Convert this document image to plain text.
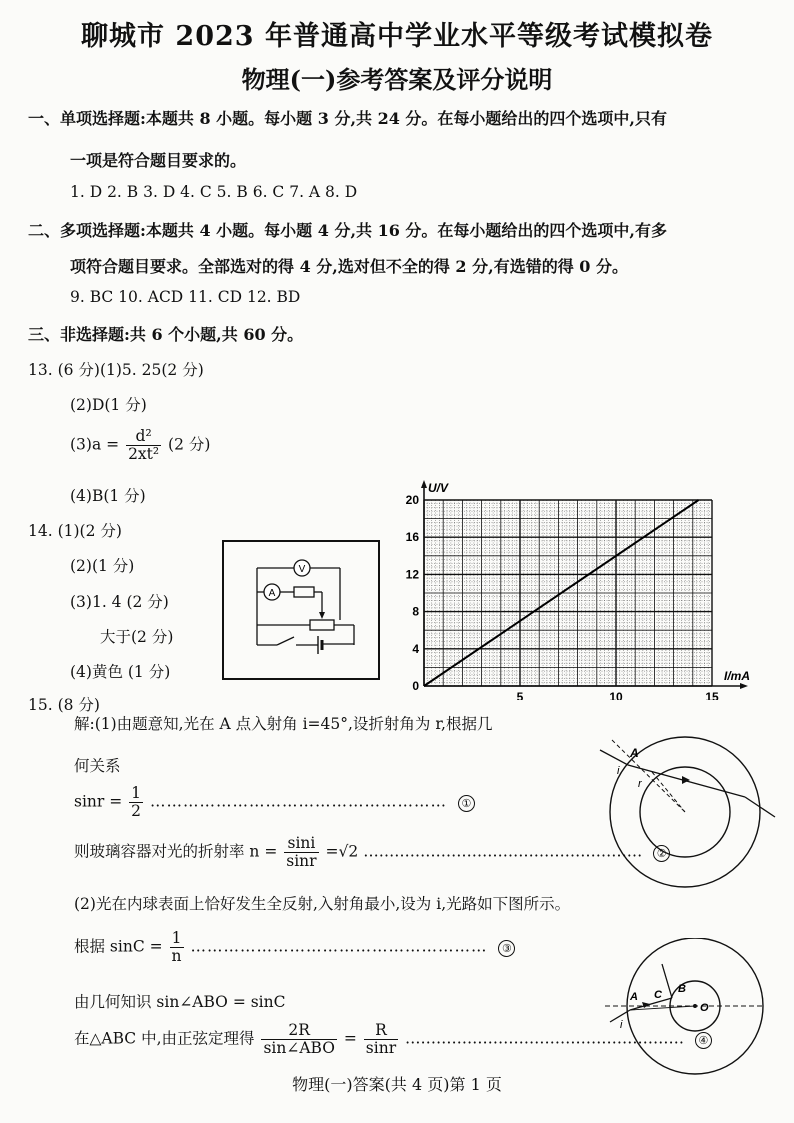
聊城市 2023 年普通高中学业水平等级考试模拟卷
物理(一)参考答案及评分说明
一、单项选择题:本题共 8 小题。每小题 3 分,共 24 分。在每小题给出的四个选项中,只有
一项是符合题目要求的。
1. D 2. B 3. D 4. C 5. B 6. C 7. A 8. D
二、多项选择题:本题共 4 小题。每小题 4 分,共 16 分。在每小题给出的四个选项中,有多
项符合题目要求。全部选对的得 4 分,选对但不全的得 2 分,有选错的得 0 分。
9. BC 10. ACD 11. CD 12. BD
三、非选择题:共 6 个小题,共 60 分。
13. (6 分)(1)5. 25(2 分)
(2)D(1 分)
$(3)a = \frac{\text{d²}}{\text{2xt²}} (2$ 分)
(4)B(1 分)
14. (1)(2 分)
(2)(1 分)
(3)1. 4 (2 分)
大于(2 分)
(4)黄色 (1 分)
V
A
U/V
I/mA
0
4
8
12
16
20
5	10	15
15. (8 分)
解:(1)由题意知,光在 A 点入射角 i=45°,设折射角为 r,根据几
何关系
$\sin r = \frac{1}{2}$ ……………………………………………… ①
则玻璃容器对光的折射率 $n = \frac{\sin i}{\sin r} =√2$ ……………………………………………… ②
(2)光在内球表面上恰好发生全反射,入射角最小,设为 i,光路如下图所示。
根据 $\sin C = \frac{1}{n}$ ……………………………………………… ③
由几何知识 sin∠ABO = sinC
在△ABC 中,由正弦定理得 $\frac{2R}{\text{sin∠ABO}} = \frac{R}{\sin r}$ ……………………………………………… ④
A
i
r
A C B
O
i
物理(一)答案(共 4 页)第 1 页
